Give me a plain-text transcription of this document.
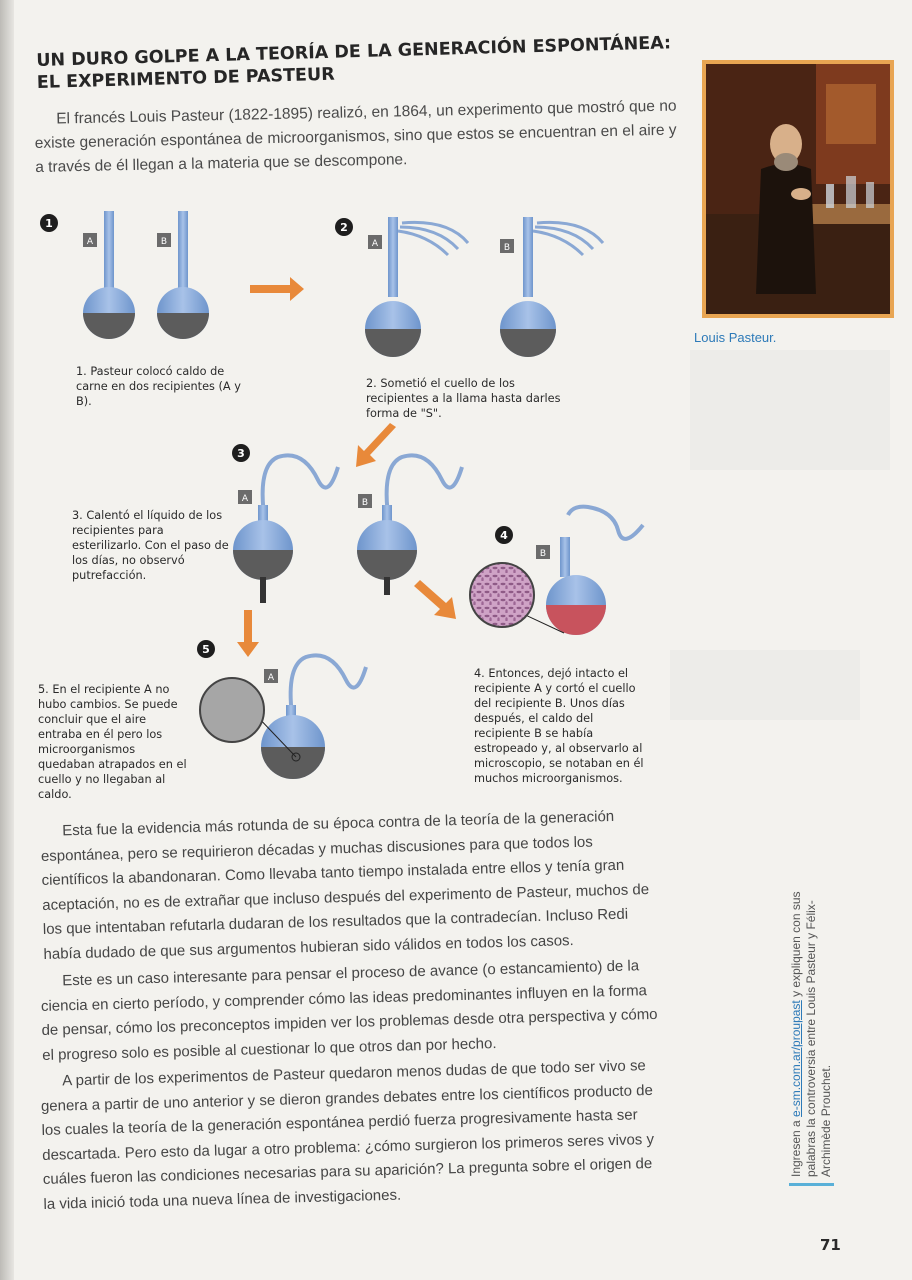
UN DURO GOLPE A LA TEORÍA DE LA GENERACIÓN ESPONTÁNEA:
EL EXPERIMENTO DE PASTEUR
El francés Louis Pasteur (1822-1895) realizó, en 1864, un experimento que mostró que no existe generación espontánea de microorganismos, sino que estos se encuentran en el aire y a través de él llegan a la materia que se descompone.
Louis Pasteur.
1
A	B
2
A	B
3
A	B
4
B
5
A
1. Pasteur colocó caldo de carne en dos recipientes (A y B).
2. Sometió el cuello de los recipientes a la llama hasta darles forma de "S".
3. Calentó el líquido de los recipientes para esterilizarlo. Con el paso de los días, no observó putrefacción.
4. Entonces, dejó intacto el recipiente A y cortó el cuello del recipiente B. Unos días después, el caldo del recipiente B se había estropeado y, al observarlo al microscopio, se notaban en él muchos microorganismos.
5. En el recipiente A no hubo cambios. Se puede concluir que el aire entraba en él pero los microorganismos quedaban atrapados en el cuello y no llegaban al caldo.
Esta fue la evidencia más rotunda de su época contra de la teoría de la generación espontánea, pero se requirieron décadas y muchas discusiones para que todos los científicos la abandonaran. Como llevaba tanto tiempo instalada entre ellos y tenía gran aceptación, no es de extrañar que incluso después del experimento de Pasteur, muchos de los que intentaban refutarla dudaran de los resultados que la contradecían. Incluso Redi había dudado de que sus argumentos hubieran sido válidos en todos los casos.
Este es un caso interesante para pensar el proceso de avance (o estancamiento) de la ciencia en cierto período, y comprender cómo las ideas predominantes influyen en la forma de pensar, cómo los preconceptos impiden ver los problemas desde otra perspectiva y cómo el progreso solo es posible al cuestionar lo que otros dan por hecho.
A partir de los experimentos de Pasteur quedaron menos dudas de que todo ser vivo se genera a partir de uno anterior y se dieron grandes debates entre los científicos producto de los cuales la teoría de la generación espontánea perdió fuerza progresivamente hasta ser descartada. Pero esto da lugar a otro problema: ¿cómo surgieron los primeros seres vivos y cuáles fueron las condiciones necesarias para su aparición? La pregunta sobre el origen de la vida inició toda una nueva línea de investigaciones.
Ingresen a e-sm.com.ar/proupast y expliquen con sus palabras la controversia entre Louis Pasteur y Félix-Archimède Prouchet.
71
